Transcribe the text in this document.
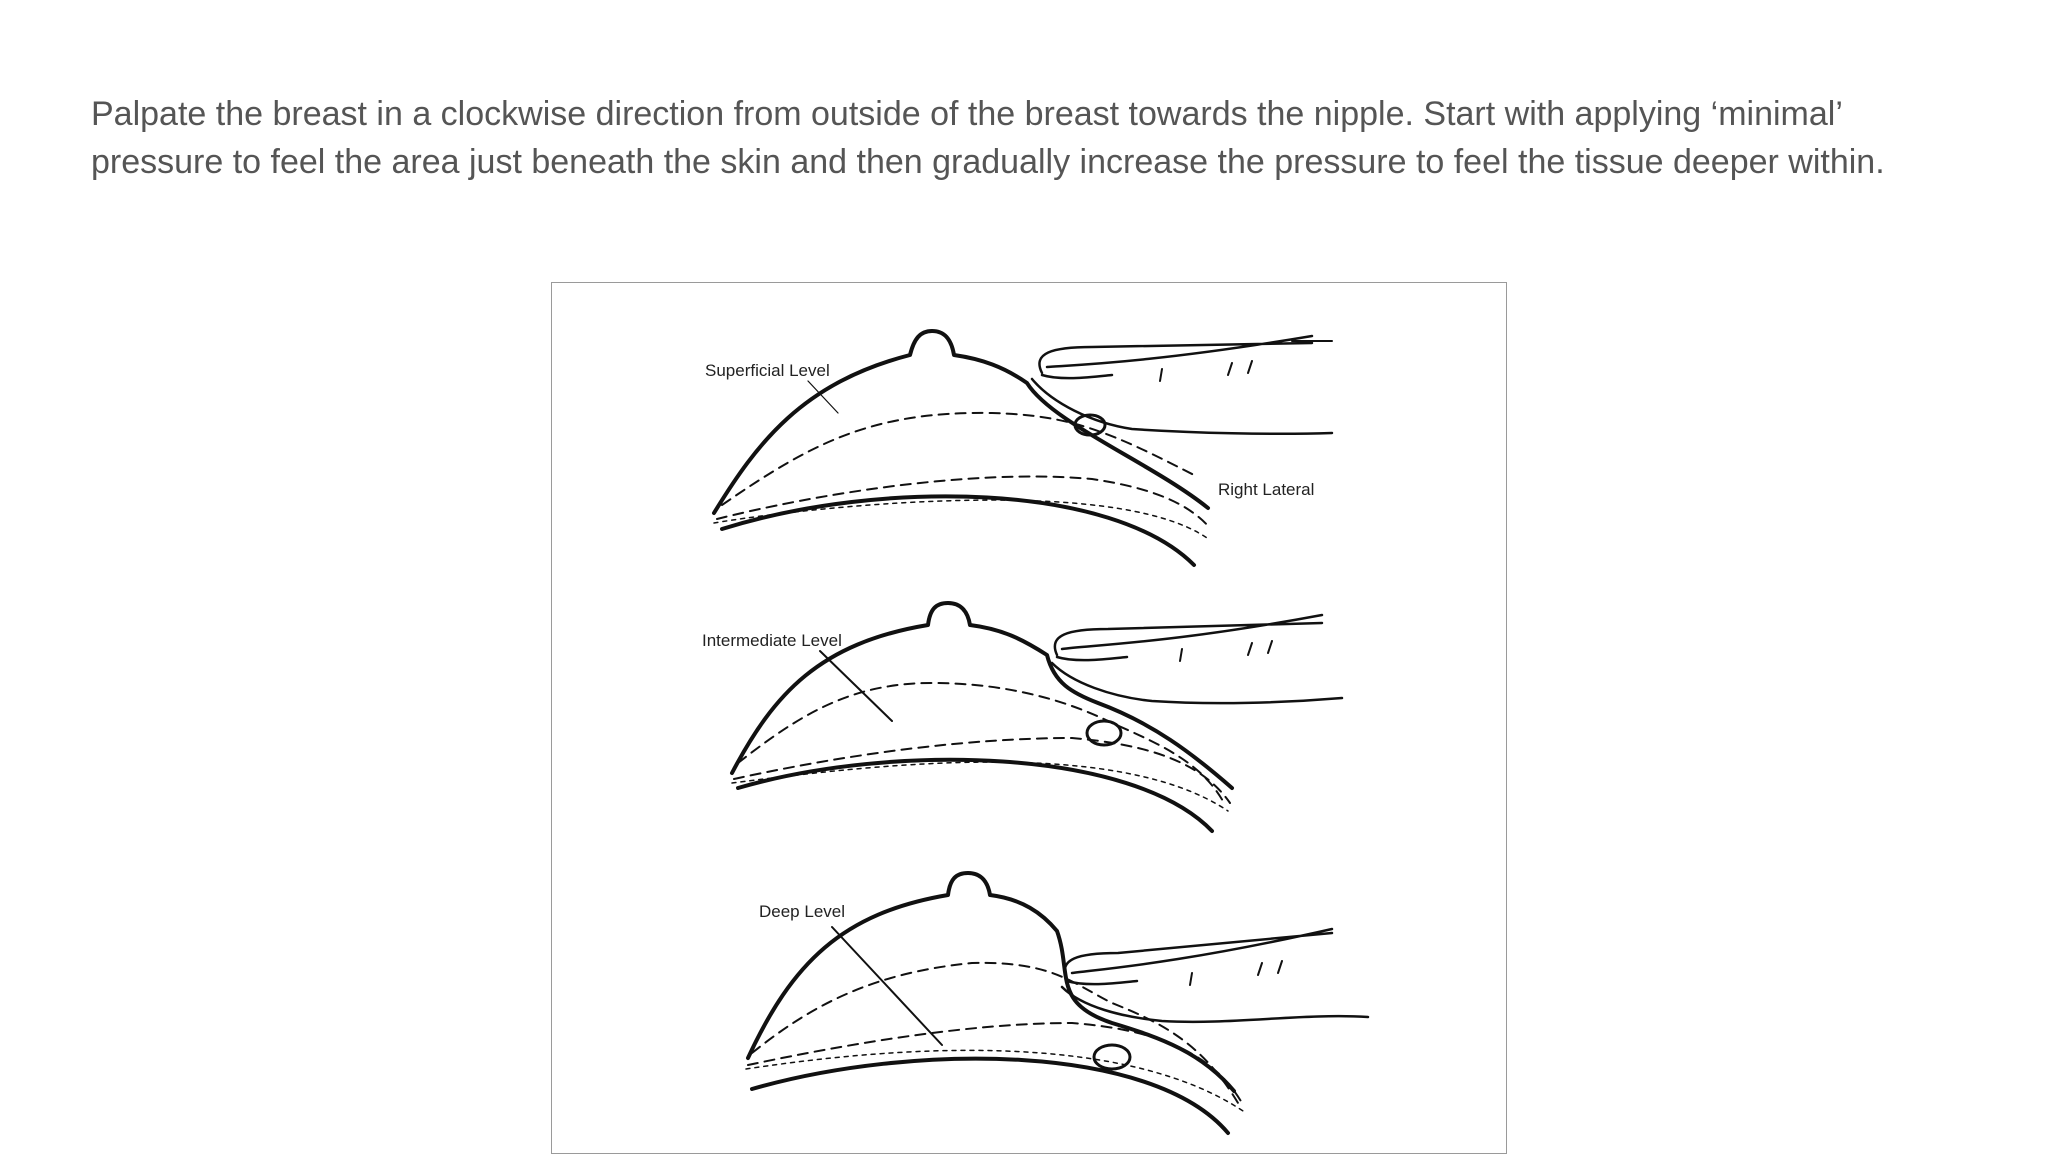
Palpate the breast in a clockwise direction from outside of the breast towards the nipple. Start with applying ‘minimal’
pressure to feel the area just beneath the skin and then gradually increase the pressure to feel the tissue deeper within.

Superficial Level
Right Lateral
Intermediate Level
Deep Level
